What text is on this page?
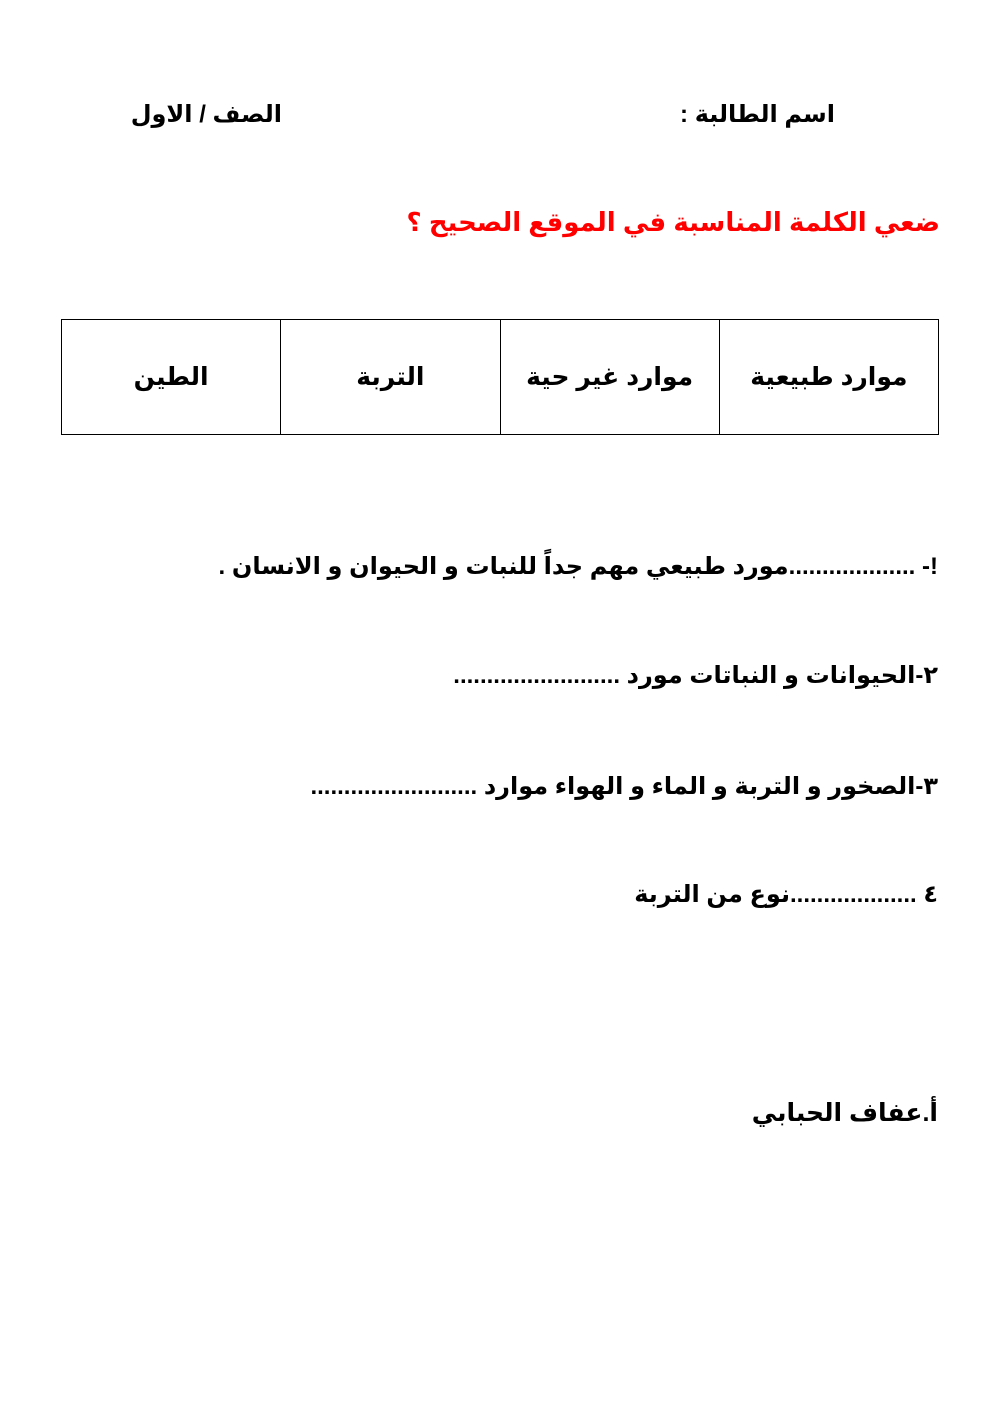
اسم الطالبة :
الصف / الاول
ضعي الكلمة المناسبة في الموقع الصحيح ؟
موارد طبيعية	موارد غير حية	التربة	الطين
!- ...................مورد طبيعي مهم جداً للنبات و الحيوان و الانسان .
٢-الحيوانات و النباتات مورد .........................
٣-الصخور و التربة و الماء و الهواء موارد .........................
٤ ...................نوع من التربة
أ.عفاف الحبابي
